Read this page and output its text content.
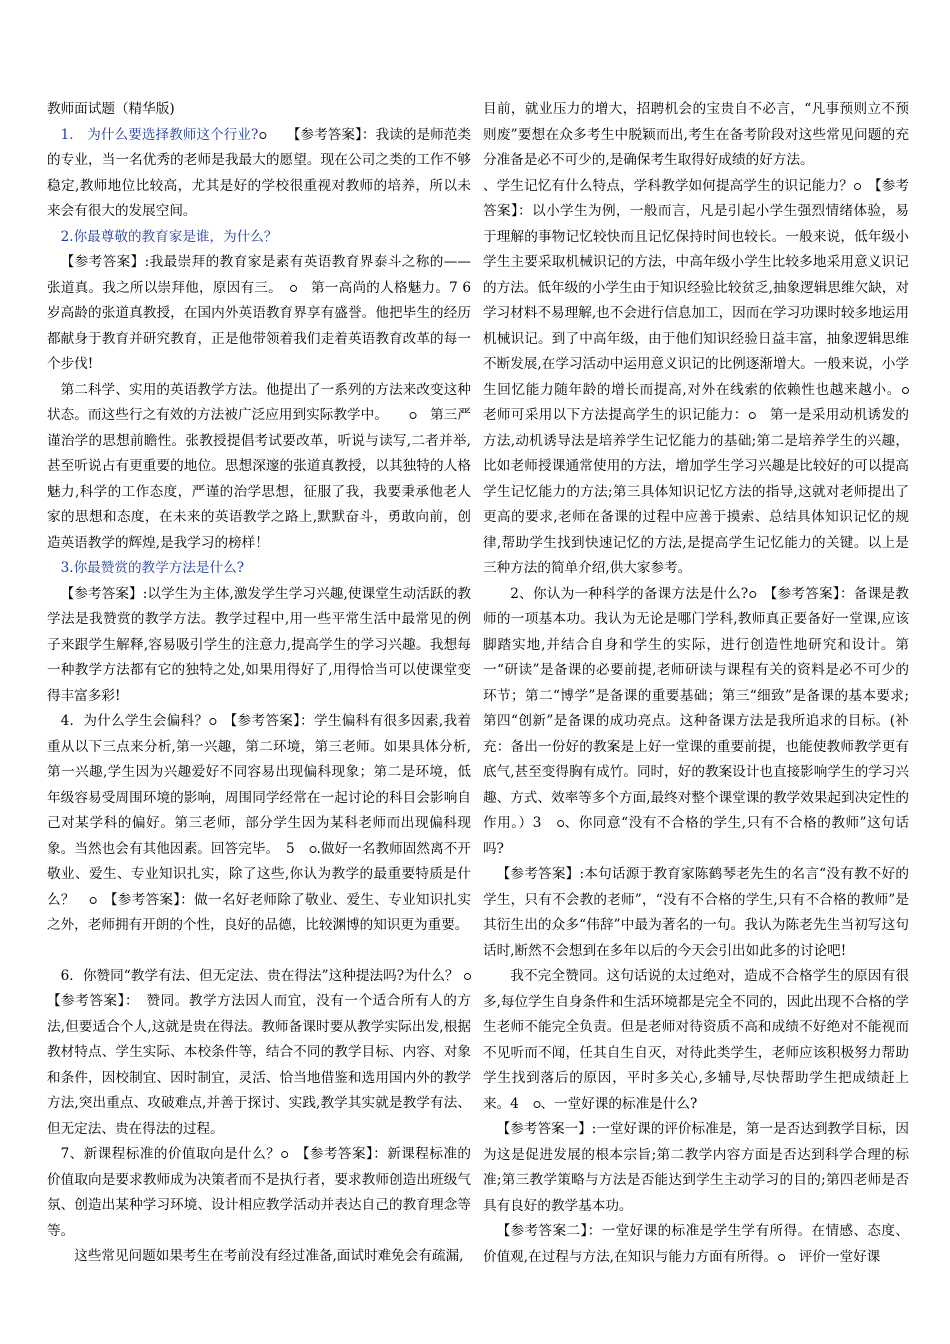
教师面试题（精华版)

1． 为什么要选择教师这个行业?ഠ　　 【参考答案】：我读的是师范类的专业，当一名优秀的老师是我最大的愿望。现在公司之类的工作不够稳定,教师地位比较高，尤其是好的学校很重视对教师的培养，所以未来会有很大的发展空间。

2.你最尊敬的教育家是谁，为什么？

【参考答案】:我最崇拜的教育家是素有英语教育界泰斗之称的——张道真。我之所以崇拜他，原因有三。　 ഠ　 第一高尚的人格魅力。7 6 岁高龄的张道真教授，在国内外英语教育界享有盛誉。他把毕生的经历都献身于教育并研究教育，正是他带领着我们走着英语教育改革的每一个步伐!

第二科学、实用的英语教学方法。他提出了一系列的方法来改变这种状态。而这些行之有效的方法被广泛应用到实际教学中。　　 ഠ　 第三严谨治学的思想前瞻性。张教授提倡考试要改革，听说与读写,二者并举,甚至听说占有更重要的地位。思想深邃的张道真教授，以其独特的人格魅力,科学的工作态度，严谨的治学思想，征服了我，我要秉承他老人家的思想和态度，在未来的英语教学之路上,默默奋斗，勇敢向前，创造英语教学的辉煌,是我学习的榜样！

3.你最赞赏的教学方法是什么?

【参考答案】:以学生为主体,激发学生学习兴趣,使课堂生动活跃的教学法是我赞赏的教学方法。教学过程中,用一些平常生活中最常见的例子来跟学生解释,容易吸引学生的注意力,提高学生的学习兴趣。我想每一种教学方法都有它的独特之处,如果用得好了,用得恰当可以使课堂变得丰富多彩!

4．为什么学生会偏科？ഠ　 【参考答案】：学生偏科有很多因素,我着重从以下三点来分析,第一兴趣，第二环境，第三老师。如果具体分析,第一兴趣,学生因为兴趣爱好不同容易出现偏科现象；第二是环境，低年级容易受周围环境的影响，周围同学经常在一起讨论的科目会影响自己对某学科的偏好。第三老师，部分学生因为某科老师而出现偏科现象。当然也会有其他因素。回答完毕。　5　 ഠ.做好一名教师固然离不开敬业、爱生、专业知识扎实，除了这些,你认为教学的最重要特质是什么？　 ഠ　 【参考答案】：做一名好老师除了敬业、爱生、专业知识扎实之外，老师拥有开朗的个性，良好的品德，比较渊博的知识更为重要。

6．你赞同“教学有法、但无定法、贵在得法”这种提法吗?为什么？ ഠ　【参考答案】：　赞同。教学方法因人而宜，没有一个适合所有人的方法,但要适合个人,这就是贵在得法。教师备课时要从教学实际出发,根据教材特点、学生实际、本校条件等，结合不同的教学目标、内容、对象和条件，因校制宜、因时制宜，灵活、恰当地借鉴和选用国内外的教学方法,突出重点、攻破难点,并善于探讨、实践,教学其实就是教学有法、但无定法、贵在得法的过程。

7、新课程标准的价值取向是什么？ഠ　 【参考答案】：新课程标准的价值取向是要求教师成为决策者而不是执行者，要求教师创造出班级气氛、创造出某种学习环境、设计相应教学活动并表达自己的教育理念等等。

这些常见问题如果考生在考前没有经过准备,面试时难免会有疏漏,

目前，就业压力的增大，招聘机会的宝贵自不必言，“凡事预则立不预则废”要想在众多考生中脱颖而出,考生在备考阶段对这些常见问题的充分准备是必不可少的,是确保考生取得好成绩的好方法。

、学生记忆有什么特点，学科教学如何提高学生的识记能力？ഠ　 【参考答案】：以小学生为例，一般而言，凡是引起小学生强烈情绪体验，易于理解的事物记忆较快而且记忆保持时间也较长。一般来说，低年级小学生主要采取机械识记的方法，中高年级小学生比较多地采用意义识记的方法。低年级的小学生由于知识经验比较贫乏,抽象逻辑思维欠缺，对学习材料不易理解,也不会进行信息加工，因而在学习功课时较多地运用机械识记。到了中高年级，由于他们知识经验日益丰富，抽象逻辑思维不断发展,在学习活动中运用意义识记的比例逐渐增大。一般来说，小学生回忆能力随年龄的增长而提高,对外在线索的依赖性也越来越小。ഠ　老师可采用以下方法提高学生的识记能力：ഠ　 第一是采用动机诱发的方法,动机诱导法是培养学生记忆能力的基础;第二是培养学生的兴趣，比如老师授课通常使用的方法，增加学生学习兴趣是比较好的可以提高学生记忆能力的方法;第三具体知识记忆方法的指导,这就对老师提出了更高的要求,老师在备课的过程中应善于摸索、总结具体知识记忆的规律,帮助学生找到快速记忆的方法,是提高学生记忆能力的关键。以上是三种方法的简单介绍,供大家参考。

2、你认为一种科学的备课方法是什么?ഠ　 【参考答案】：备课是教师的一项基本功。我认为无论是哪门学科,教师真正要备好一堂课,应该脚踏实地,并结合自身和学生的实际，进行创造性地研究和设计。第一“研读”是备课的必要前提,老师研读与课程有关的资料是必不可少的环节；第二“博学”是备课的重要基础；第三“细致”是备课的基本要求;第四“创新”是备课的成功亮点。这种备课方法是我所追求的目标。(补充：备出一份好的教案是上好一堂课的重要前提，也能使教师教学更有底气,甚至变得胸有成竹。同时，好的教案设计也直接影响学生的学习兴趣、方式、效率等多个方面,最终对整个课堂课的教学效果起到决定性的作用。）3　 ഠ、你同意“没有不合格的学生,只有不合格的教师”这句话吗?

【参考答案】:本句话源于教育家陈鹤琴老先生的名言“没有教不好的学生，只有不会教的老师”，“没有不合格的学生,只有不合格的教师”是其衍生出的众多“伟辞”中最为著名的一句。我认为陈老先生当初写这句话时,断然不会想到在多年以后的今天会引出如此多的讨论吧!

我不完全赞同。这句话说的太过绝对，造成不合格学生的原因有很多,每位学生自身条件和生活环境都是完全不同的，因此出现不合格的学生老师不能完全负责。但是老师对待资质不高和成绩不好绝对不能视而不见听而不闻，任其自生自灭，对待此类学生，老师应该积极努力帮助学生找到落后的原因，平时多关心,多辅导,尽快帮助学生把成绩赶上来。4　 ഠ、一堂好课的标准是什么?

【参考答案一】:一堂好课的评价标准是，第一是否达到教学目标，因为这是促进发展的根本宗旨;第二教学内容方面是否达到科学合理的标准;第三教学策略与方法是否能达到学生主动学习的目的;第四老师是否具有良好的教学基本功。

【参考答案二】：一堂好课的标准是学生学有所得。在情感、态度、价值观,在过程与方法,在知识与能力方面有所得。ഠ　 评价一堂好课
